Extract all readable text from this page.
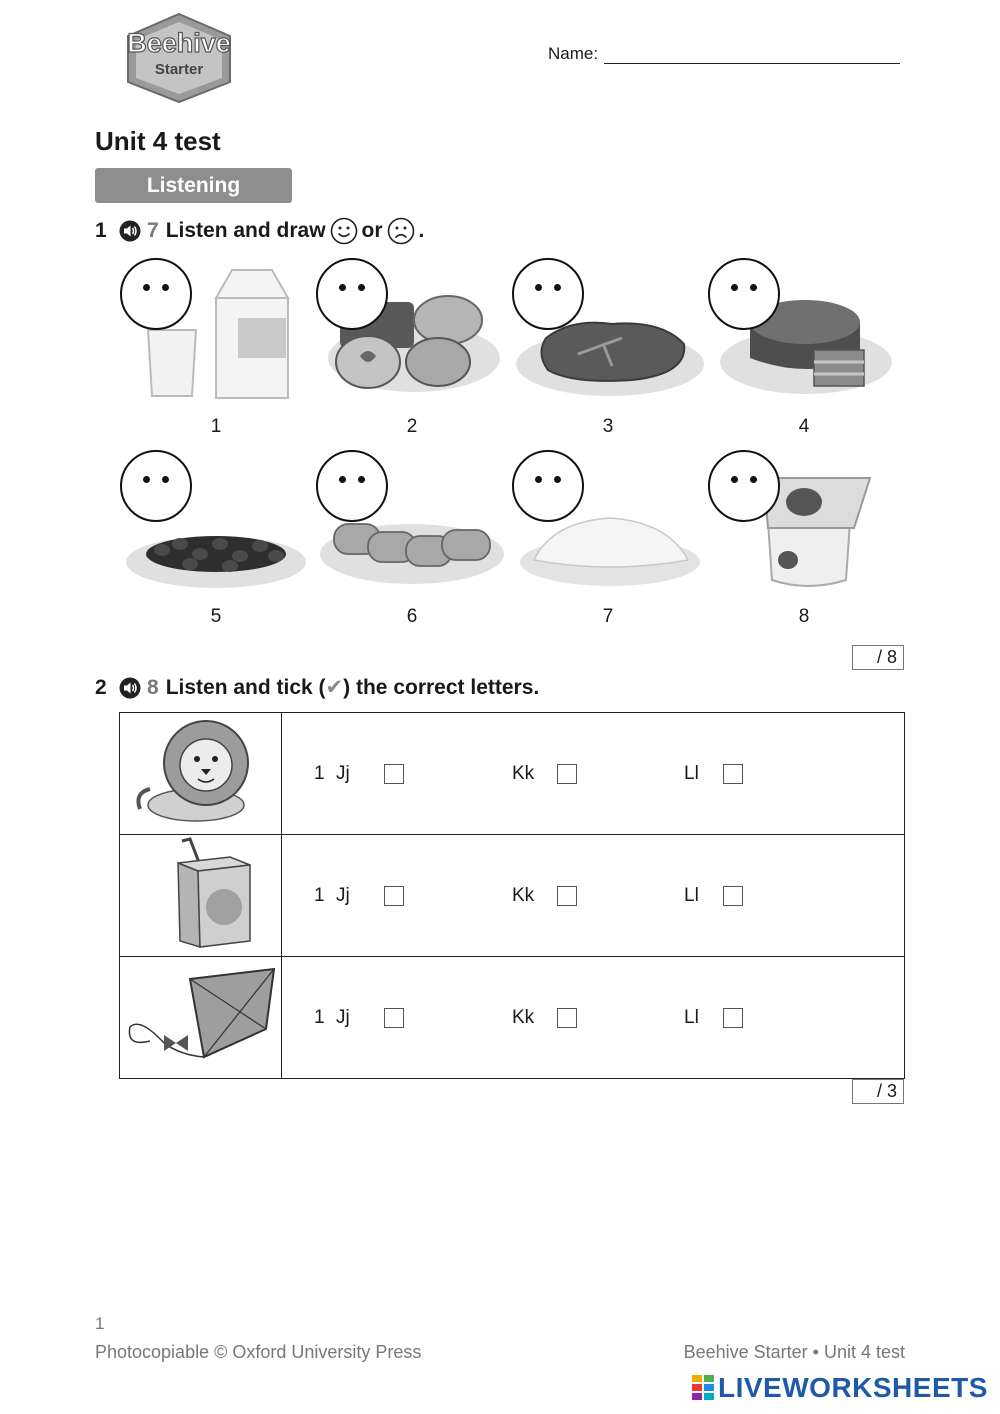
Beehive
Starter
Name:
Unit 4 test
Listening
1	7 Listen and draw or .
1	2	3	4
5	6	7	8
/ 8
2	8 Listen and tick ( ✔ ) the correct letters.

1 Jj Kk Ll

1 Jj Kk Ll

1 Jj Kk Ll
/ 3
1
Photocopiable © Oxford University Press	Beehive Starter • Unit 4 test
LIVEWORKSHEETS
